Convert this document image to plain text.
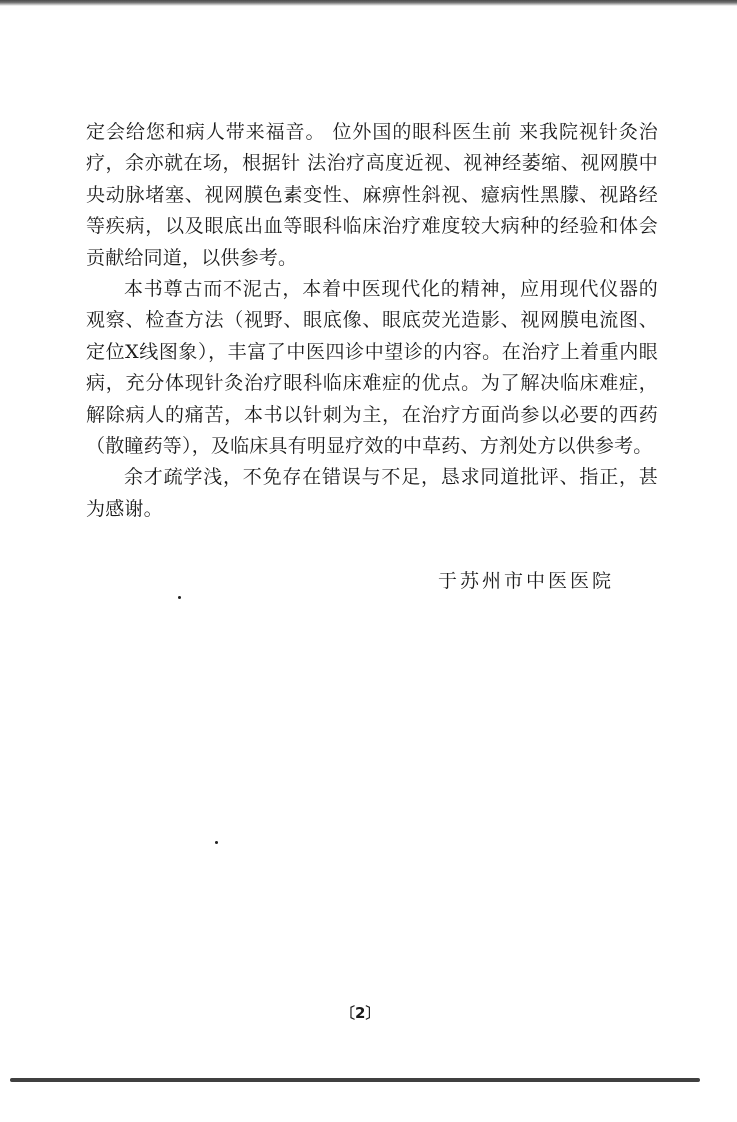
定会给您和病人带来福音。 位外国的眼科医生前 来我院视针灸治疗，余亦就在场，根据针 法治疗高度近视、视神经萎缩、视网膜中央动脉堵塞、视网膜色素变性、麻痹性斜视、癔病性黑朦、视路经等疾病，以及眼底出血等眼科临床治疗难度较大病种的经验和体会贡献给同道，以供参考。

本书尊古而不泥古，本着中医现代化的精神，应用现代仪器的观察、检查方法（视野、眼底像、眼底荧光造影、视网膜电流图、定位X线图象），丰富了中医四诊中望诊的内容。在治疗上着重内眼病，充分体现针灸治疗眼科临床难症的优点。为了解决临床难症，解除病人的痛苦，本书以针刺为主，在治疗方面尚参以必要的西药（散瞳药等），及临床具有明显疗效的中草药、方剂处方以供参考。

余才疏学浅，不免存在错误与不足，恳求同道批评、指正，甚为感谢。

于苏州市中医医院
〔2〕
